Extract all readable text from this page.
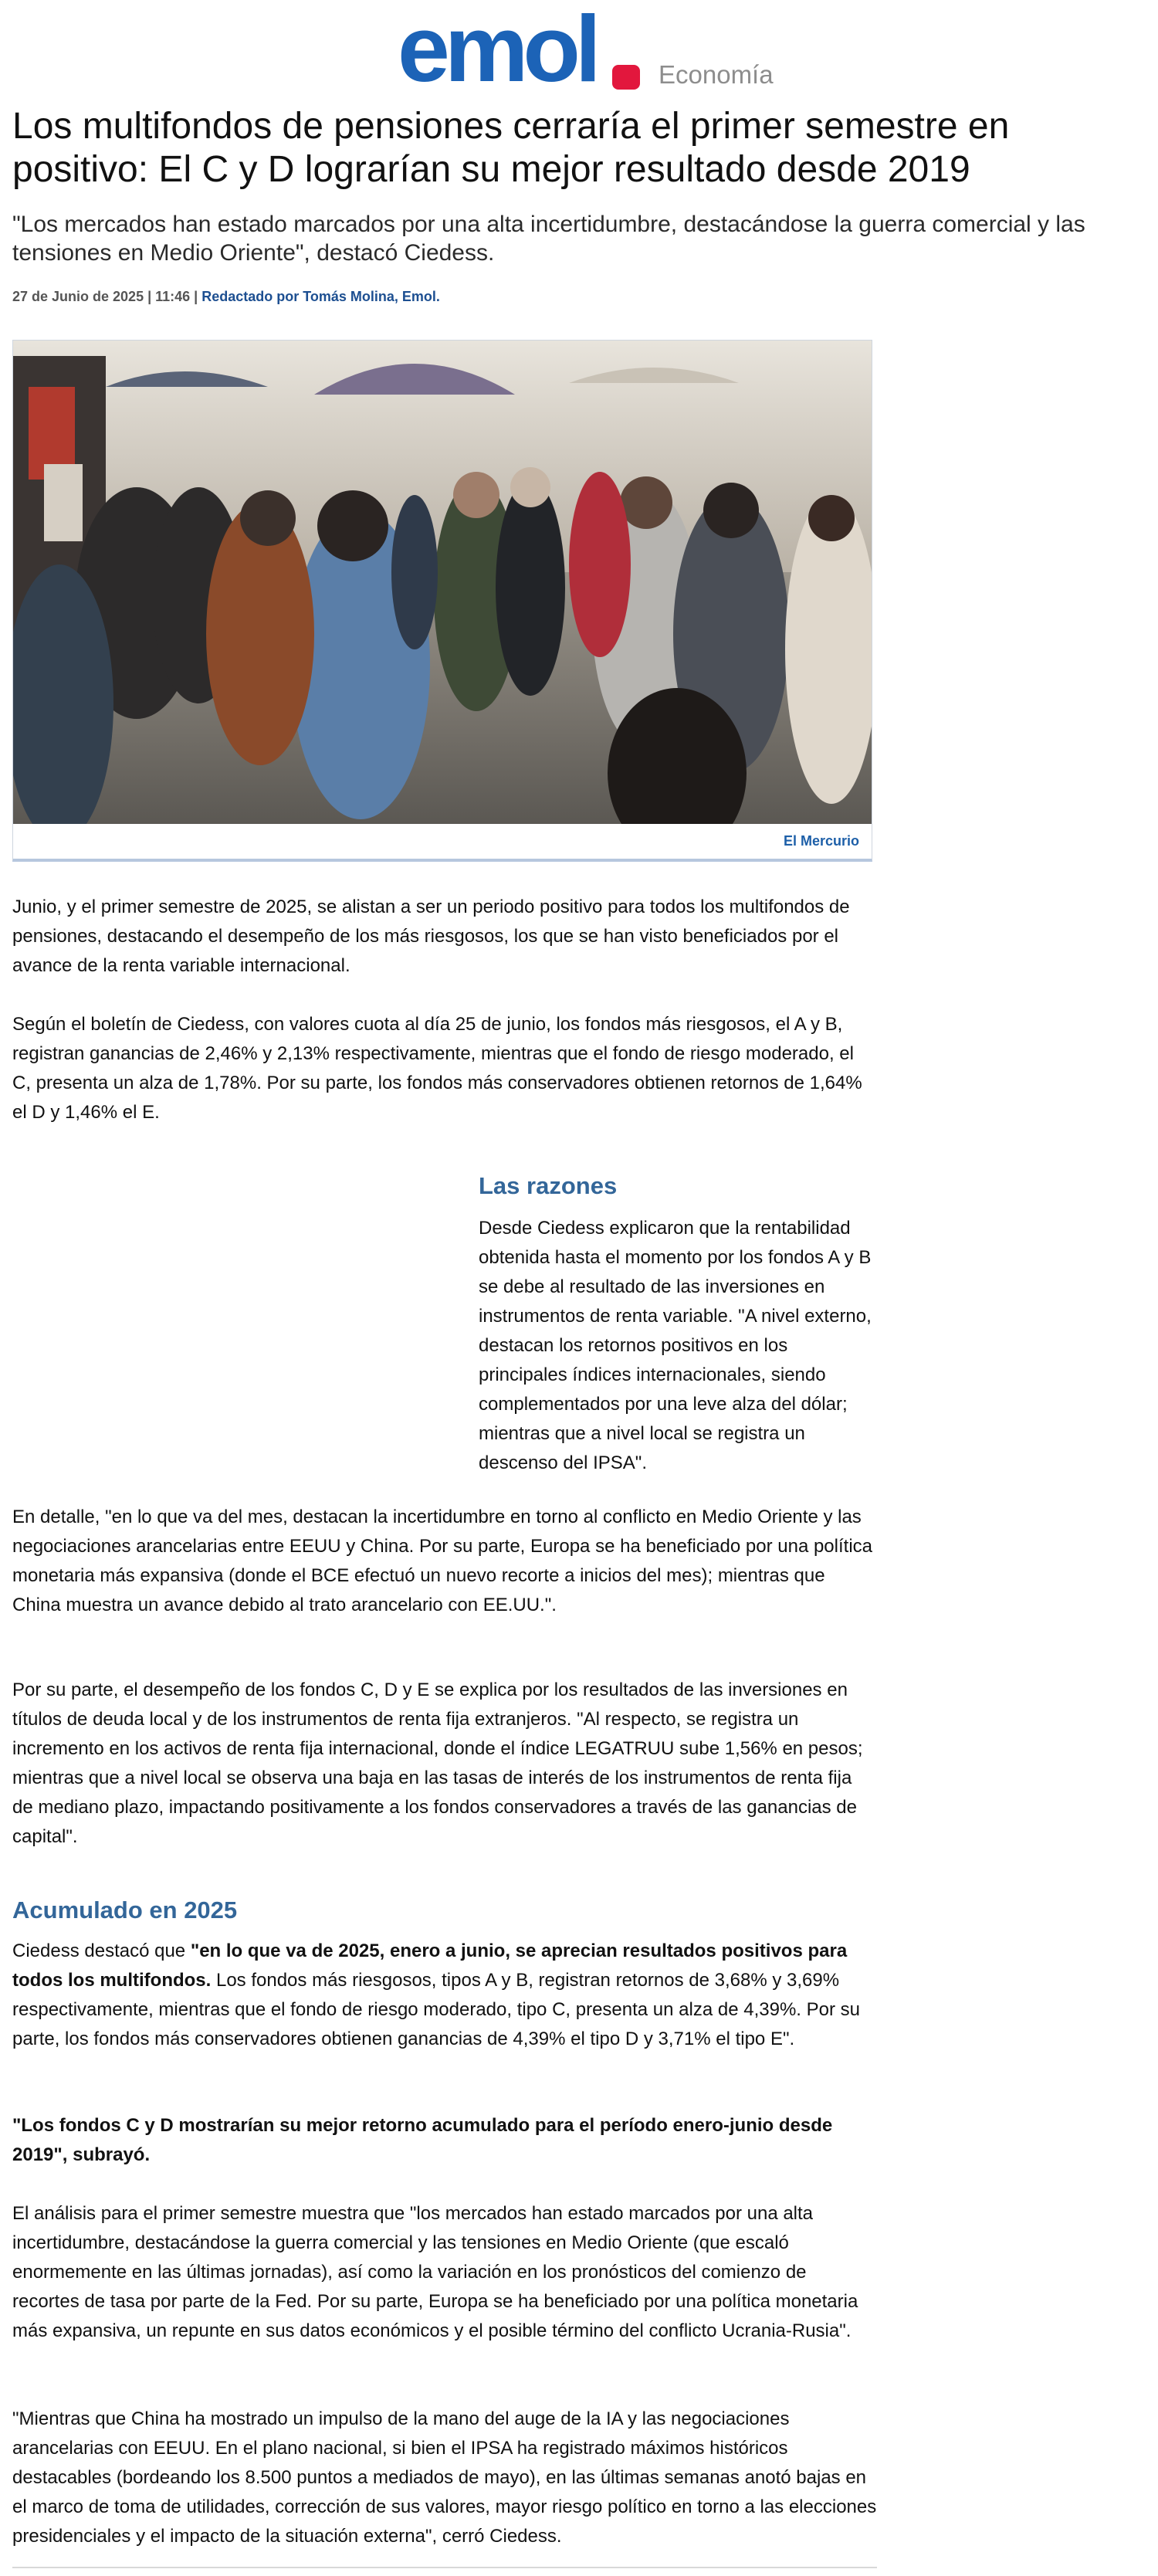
emol Economía
Los multifondos de pensiones cerraría el primer semestre en positivo: El C y D lograrían su mejor resultado desde 2019

"Los mercados han estado marcados por una alta incertidumbre, destacándose la guerra comercial y las tensiones en Medio Oriente", destacó Ciedess.

27 de Junio de 2025 | 11:46 | Redactado por Tomás Molina, Emol.
El Mercurio

Junio, y el primer semestre de 2025, se alistan a ser un periodo positivo para todos los multifondos de pensiones, destacando el desempeño de los más riesgosos, los que se han visto beneficiados por el avance de la renta variable internacional.

Según el boletín de Ciedess, con valores cuota al día 25 de junio, los fondos más riesgosos, el A y B, registran ganancias de 2,46% y 2,13% respectivamente, mientras que el fondo de riesgo moderado, el C, presenta un alza de 1,78%. Por su parte, los fondos más conservadores obtienen retornos de 1,64% el D y 1,46% el E.

Las razones

Desde Ciedess explicaron que la rentabilidad obtenida hasta el momento por los fondos A y B se debe al resultado de las inversiones en instrumentos de renta variable. "A nivel externo, destacan los retornos positivos en los principales índices internacionales, siendo complementados por una leve alza del dólar; mientras que a nivel local se registra un descenso del IPSA".

En detalle, "en lo que va del mes, destacan la incertidumbre en torno al conflicto en Medio Oriente y las negociaciones arancelarias entre EEUU y China. Por su parte, Europa se ha beneficiado por una política monetaria más expansiva (donde el BCE efectuó un nuevo recorte a inicios del mes); mientras que China muestra un avance debido al trato arancelario con EE.UU.".

Por su parte, el desempeño de los fondos C, D y E se explica por los resultados de las inversiones en títulos de deuda local y de los instrumentos de renta fija extranjeros. "Al respecto, se registra un incremento en los activos de renta fija internacional, donde el índice LEGATRUU sube 1,56% en pesos; mientras que a nivel local se observa una baja en las tasas de interés de los instrumentos de renta fija de mediano plazo, impactando positivamente a los fondos conservadores a través de las ganancias de capital".

Acumulado en 2025

Ciedess destacó que "en lo que va de 2025, enero a junio, se aprecian resultados positivos para todos los multifondos. Los fondos más riesgosos, tipos A y B, registran retornos de 3,68% y 3,69% respectivamente, mientras que el fondo de riesgo moderado, tipo C, presenta un alza de 4,39%. Por su parte, los fondos más conservadores obtienen ganancias de 4,39% el tipo D y 3,71% el tipo E".

"Los fondos C y D mostrarían su mejor retorno acumulado para el período enero-junio desde 2019", subrayó.

El análisis para el primer semestre muestra que "los mercados han estado marcados por una alta incertidumbre, destacándose la guerra comercial y las tensiones en Medio Oriente (que escaló enormemente en las últimas jornadas), así como la variación en los pronósticos del comienzo de recortes de tasa por parte de la Fed. Por su parte, Europa se ha beneficiado por una política monetaria más expansiva, un repunte en sus datos económicos y el posible término del conflicto Ucrania-Rusia".

"Mientras que China ha mostrado un impulso de la mano del auge de la IA y las negociaciones arancelarias con EEUU. En el plano nacional, si bien el IPSA ha registrado máximos históricos destacables (bordeando los 8.500 puntos a mediados de mayo), en las últimas semanas anotó bajas en el marco de toma de utilidades, corrección de sus valores, mayor riesgo político en torno a las elecciones presidenciales y el impacto de la situación externa", cerró Ciedess.
